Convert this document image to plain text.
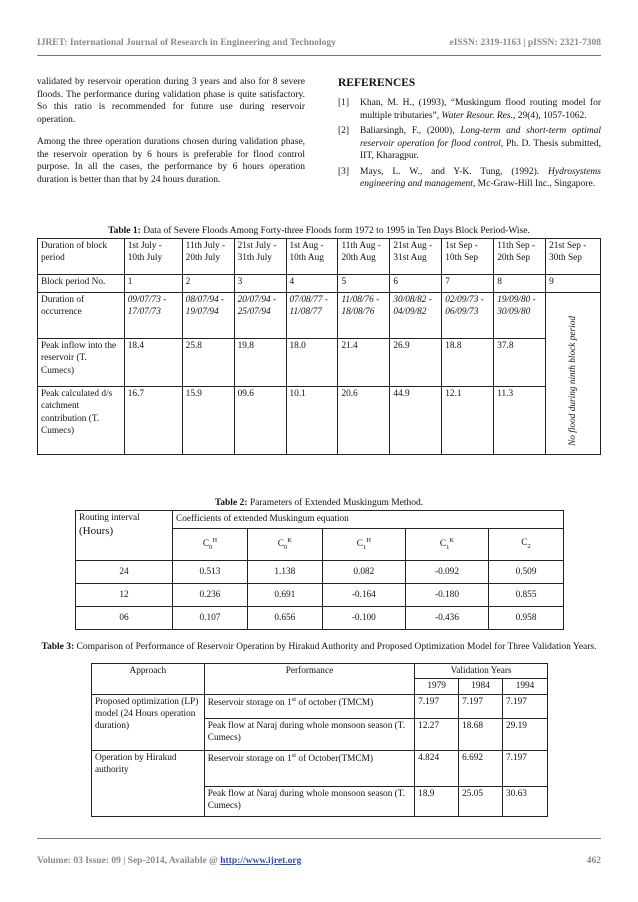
IJRET: International Journal of Research in Engineering and Technology	eISSN: 2319-1163 | pISSN: 2321-7308

validated by reservoir operation during 3 years and also for 8 severe floods. The performance during validation phase is quite satisfactory. So this ratio is recommended for future use during reservoir operation.

Among the three operation durations chosen during validation phase, the reservoir operation by 6 hours is preferable for flood control purpose. In all the cases, the performance by 6 hours operation duration is better than that by 24 hours duration.

REFERENCES
[1]	Khan, M. H., (1993), “Muskingum flood routing model for multiple tributaries”, Water Resour. Res., 29(4), 1057-1062.
[2]	Baliarsingh, F., (2000), Long-term and short-term optimal reservoir operation for flood control, Ph. D. Thesis submitted, IIT, Kharagpur.
[3]	Mays, L. W., and Y-K. Tung, (1992). Hydrosystems engineering and management, Mc-Graw-Hill Inc., Singapore.
Table 1: Data of Severe Floods Among Forty-three Floods form 1972 to 1995 in Ten Days Block Period-Wise.
Duration of block period	1st July - 10th July	11th July - 20th July	21st July - 31th July	1st Aug - 10th Aug	11th Aug - 20th Aug	21st Aug - 31st Aug	1st Sep - 10th Sep	11th Sep - 20th Sep	21st Sep - 30th Sep
Block period No.	1	2	3	4	5	6	7	8	9
Duration of occurrence	09/07/73 - 17/07/73	08/07/94 - 19/07/94	20/07/94 - 25/07/94	07/08/77 - 11/08/77	11/08/76 - 18/08/76	30/08/82 - 04/09/82	02/09/73 - 06/09/73	19/09/80 - 30/09/80	No flood during ninth block period
Peak inflow into the reservoir (T. Cumecs)	18.4	25.8	19.8	18.0	21.4	26.9	18.8	37.8	
Peak calculated d/s catchment contribution (T. Cumecs)	16.7	15.9	09.6	10.1	20.6	44.9	12.1	11.3	
Table 2: Parameters of Extended Muskingum Method.
Routing interval
(Hours)	Coefficients of extended Muskingum equation				
	$C_0^H$	$C_0^K$	$C_1^H$	$C_1^K$	$C_2$
24	0.513	1.138	0.082	-0.092	0.509
12	0.236	0.691	-0.164	-0.180	0.855
06	0.107	0.656	-0.100	-0.436	0.958
Table 3: Comparison of Performance of Reservoir Operation by Hirakud Authority and Proposed Optimization Model for Three Validation Years.
Approach	Performance	Validation Years		
		1979	1984	1994
Proposed optimization (LP) model (24 Hours operation duration)	Reservoir storage on 1st of october (TMCM)	7.197	7.197	7.197
	Peak flow at Naraj during whole monsoon season (T. Cumecs)	12.27	18.68	29.19
Operation by Hirakud authority	Reservoir storage on 1st of October(TMCM)	4.824	6.692	7.197
	Peak flow at Naraj during whole monsoon season (T. Cumecs)	18.9	25.05	30.63
Volume: 03 Issue: 09 | Sep-2014, Available @ http://www.ijret.org	462
